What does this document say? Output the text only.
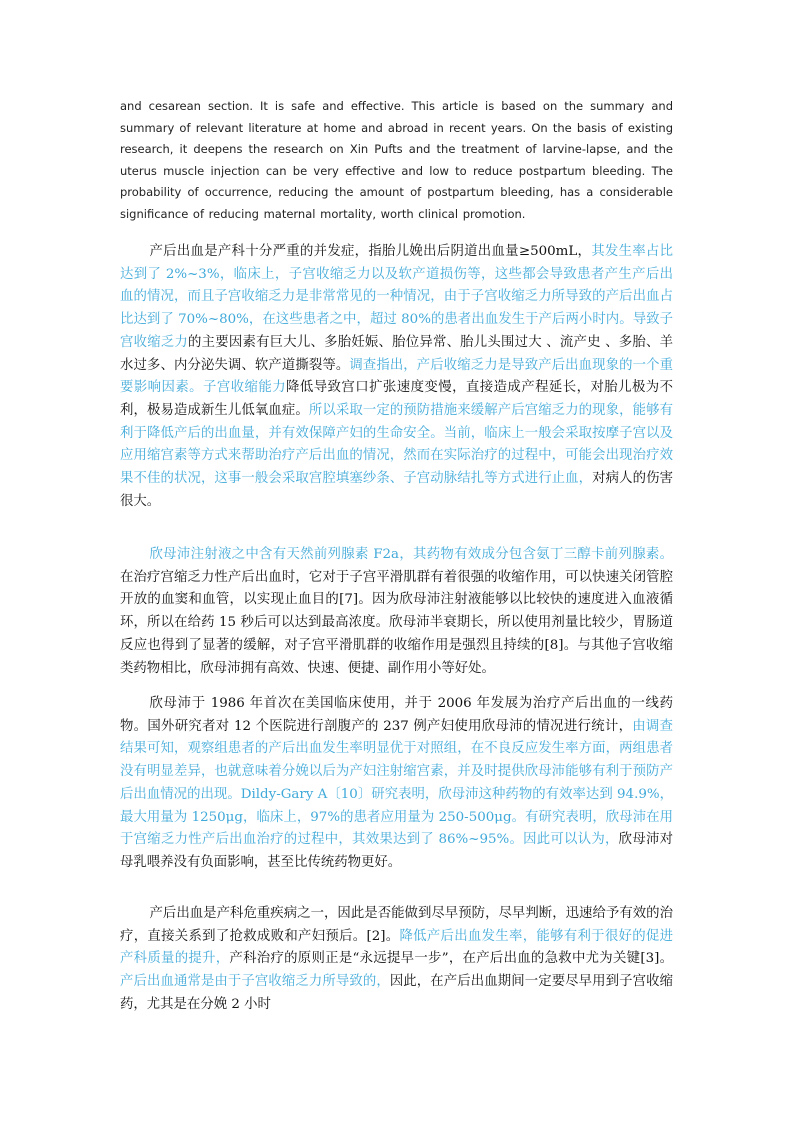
and cesarean section. It is safe and effective. This article is based on the summary and summary of relevant literature at home and abroad in recent years. On the basis of existing research, it deepens the research on Xin Pufts and the treatment of larvine-lapse, and the uterus muscle injection can be very effective and low to reduce postpartum bleeding. The probability of occurrence, reducing the amount of postpartum bleeding, has a considerable significance of reducing maternal mortality, worth clinical promotion.

产后出血是产科十分严重的并发症，指胎儿娩出后阴道出血量≥500mL，其发生率占比达到了 2%~3%，临床上，子宫收缩乏力以及软产道损伤等，这些都会导致患者产生产后出血的情况，而且子宫收缩乏力是非常常见的一种情况，由于子宫收缩乏力所导致的产后出血占比达到了 70%~80%，在这些患者之中，超过 80%的患者出血发生于产后两小时内。导致子宫收缩乏力的主要因素有巨大儿、多胎妊娠、胎位异常、胎儿头围过大 、流产史 、多胎、羊水过多、内分泌失调、软产道撕裂等。调查指出，产后收缩乏力是导致产后出血现象的一个重要影响因素。子宫收缩能力降低导致宫口扩张速度变慢，直接造成产程延长，对胎儿极为不利，极易造成新生儿低氧血症。所以采取一定的预防措施来缓解产后宫缩乏力的现象，能够有利于降低产后的出血量，并有效保障产妇的生命安全。当前，临床上一般会采取按摩子宫以及应用缩宫素等方式来帮助治疗产后出血的情况，然而在实际治疗的过程中，可能会出现治疗效果不佳的状况，这事一般会采取宫腔填塞纱条、子宫动脉结扎等方式进行止血，对病人的伤害很大。

欣母沛注射液之中含有天然前列腺素 F2a，其药物有效成分包含氨丁三醇卡前列腺素。在治疗宫缩乏力性产后出血时，它对于子宫平滑肌群有着很强的收缩作用，可以快速关闭管腔开放的血窦和血管，以实现止血目的[7]。因为欣母沛注射液能够以比较快的速度进入血液循环，所以在给药 15 秒后可以达到最高浓度。欣母沛半衰期长，所以使用剂量比较少，胃肠道反应也得到了显著的缓解，对子宫平滑肌群的收缩作用是强烈且持续的[8]。与其他子宫收缩类药物相比，欣母沛拥有高效、快速、便捷、副作用小等好处。

欣母沛于 1986 年首次在美国临床使用，并于 2006 年发展为治疗产后出血的一线药物。国外研究者对 12 个医院进行剖腹产的 237 例产妇使用欣母沛的情况进行统计，由调查结果可知，观察组患者的产后出血发生率明显优于对照组，在不良反应发生率方面，两组患者没有明显差异，也就意味着分娩以后为产妇注射缩宫素，并及时提供欣母沛能够有利于预防产后出血情况的出现。Dildy-Gary A〔10〕研究表明，欣母沛这种药物的有效率达到 94.9%，最大用量为 1250μg，临床上，97%的患者应用量为 250-500μg。有研究表明，欣母沛在用于宫缩乏力性产后出血治疗的过程中，其效果达到了 86%~95%。因此可以认为，欣母沛对母乳喂养没有负面影响，甚至比传统药物更好。

产后出血是产科危重疾病之一，因此是否能做到尽早预防，尽早判断，迅速给予有效的治疗，直接关系到了抢救成败和产妇预后。[2]。降低产后出血发生率，能够有利于很好的促进产科质量的提升，产科治疗的原则正是“永远提早一步”，在产后出血的急救中尤为关键[3]。产后出血通常是由于子宫收缩乏力所导致的，因此，在产后出血期间一定要尽早用到子宫收缩药，尤其是在分娩 2 小时
